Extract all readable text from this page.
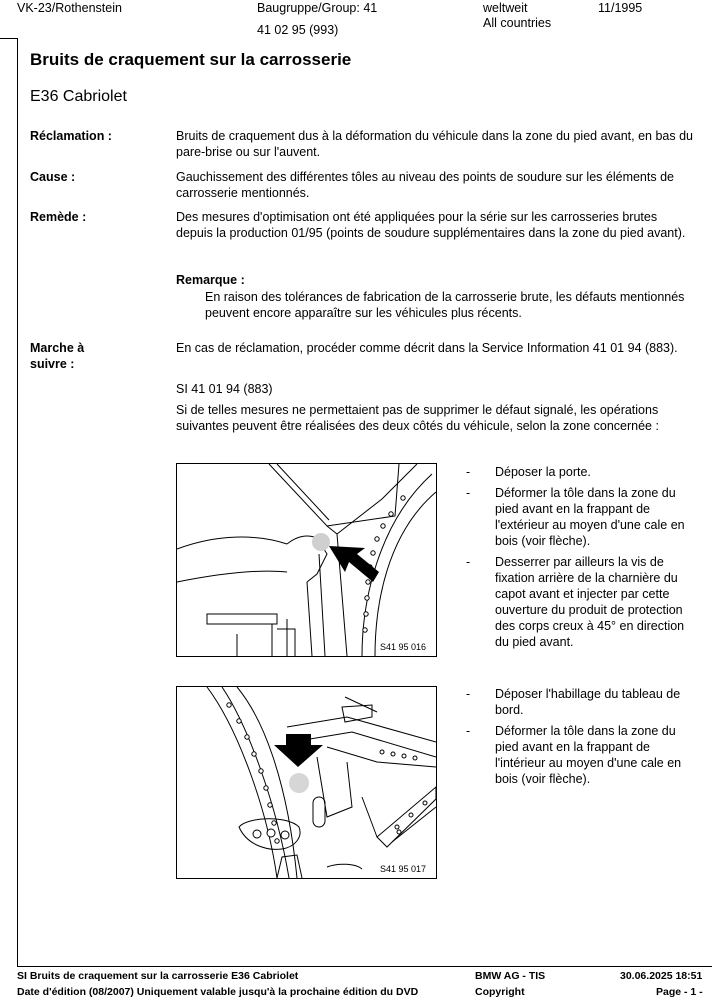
VK-23/Rothenstein	Baugruppe/Group: 41
41 02 95 (993)
weltweit
All countries
11/1995
Bruits de craquement sur la carrosserie
E36 Cabriolet
Réclamation :	Bruits de craquement dus à la déformation du véhicule dans la zone du pied avant, en bas du pare-brise ou sur l'auvent.
Cause :	Gauchissement des différentes tôles au niveau des points de soudure sur les éléments de carrosserie mentionnés.
Remède :	Des mesures d'optimisation ont été appliquées pour la série sur les carrosseries brutes depuis la production 01/95 (points de soudure supplémentaires dans la zone du pied avant).
Remarque :
En raison des tolérances de fabrication de la carrosserie brute, les défauts mentionnés peuvent encore apparaître sur les véhicules plus récents.
Marche à
suivre :
En cas de réclamation, procéder comme décrit dans la Service Information 41 01 94 (883).
SI 41 01 94 (883)
Si de telles mesures ne permettaient pas de supprimer le défaut signalé, les opérations suivantes peuvent être réalisées des deux côtés du véhicule, selon la zone concernée :
S41 95 016
- Déposer la porte.
- Déformer la tôle dans la zone du pied avant en la frappant de l'extérieur au moyen d'une cale en bois (voir flèche).
- Desserrer par ailleurs la vis de fixation arrière de la charnière du capot avant et injecter par cette ouverture du produit de protection des corps creux à 45° en direction du pied avant.
S41 95 017
- Déposer l'habillage du tableau de bord.
- Déformer la tôle dans la zone du pied avant en la frappant de l'intérieur au moyen d'une cale en bois (voir flèche).
SI Bruits de craquement sur la carrosserie E36 Cabriolet
Date d'édition (08/2007) Uniquement valable jusqu'à la prochaine édition du DVD
BMW AG - TIS
Copyright
30.06.2025 18:51
Page - 1 -
